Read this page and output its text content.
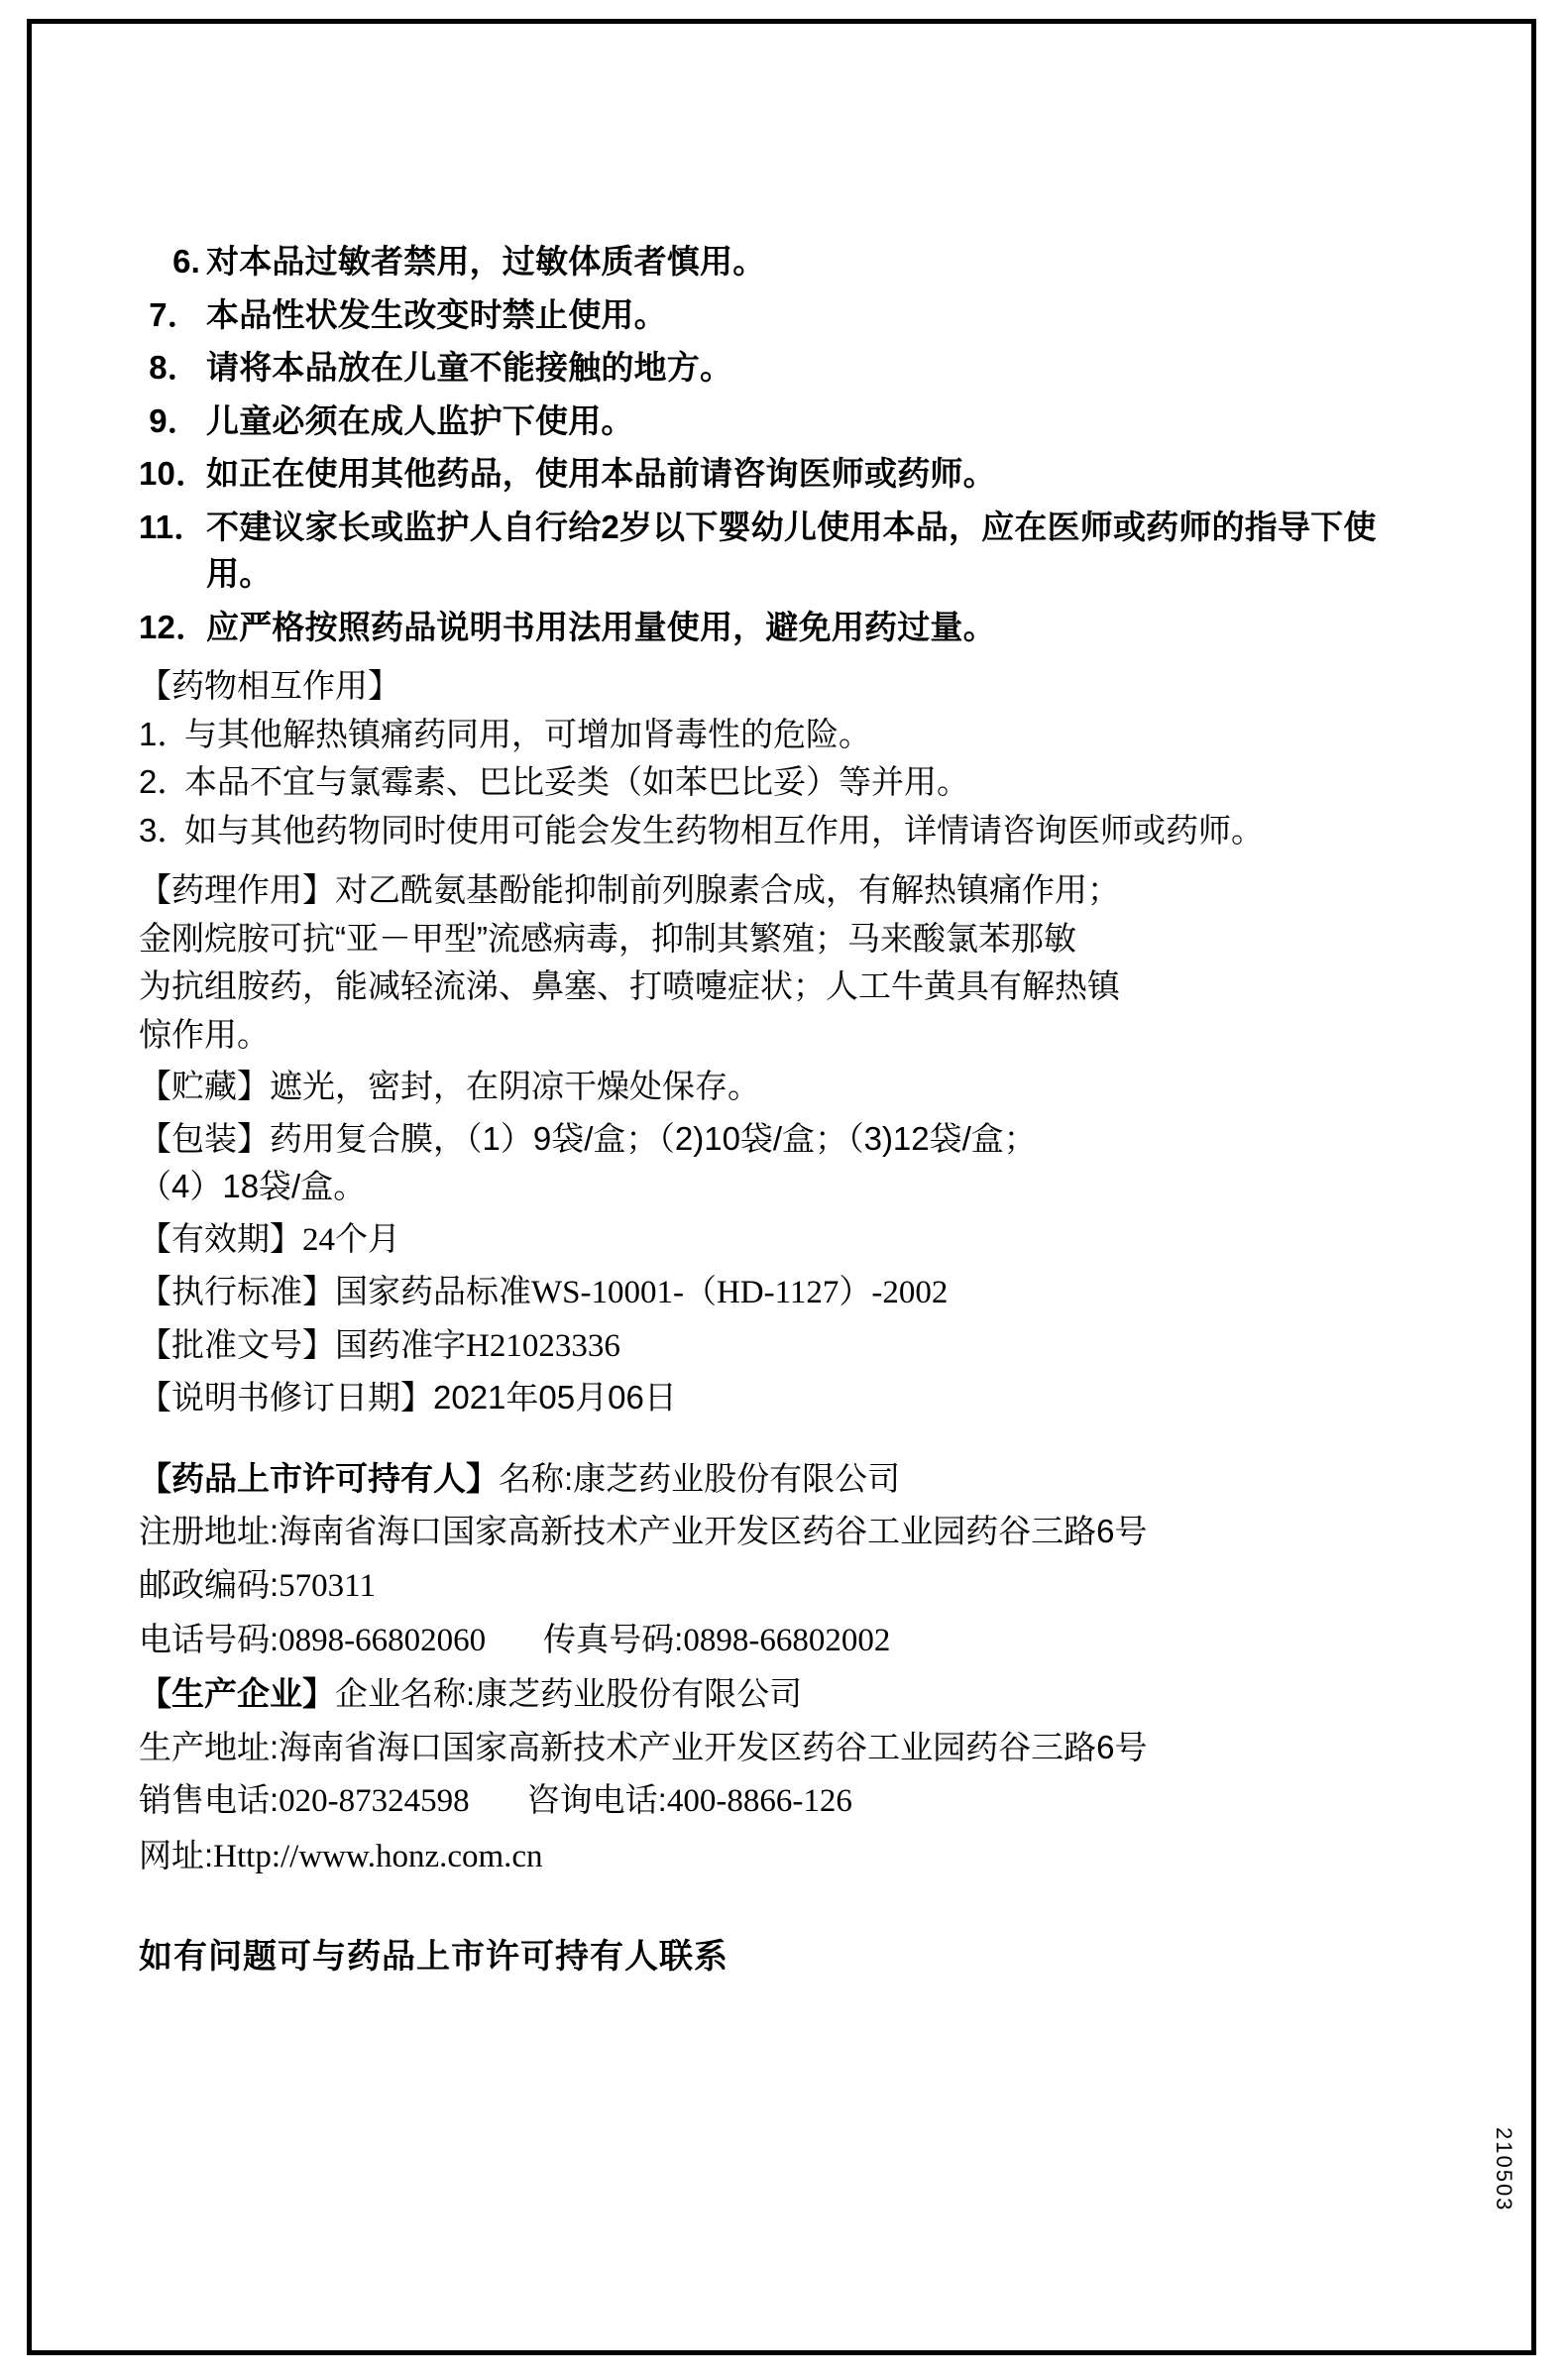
6. 对本品过敏者禁用，过敏体质者慎用。
7． 本品性状发生改变时禁止使用。
8． 请将本品放在儿童不能接触的地方。
9． 儿童必须在成人监护下使用。
10．
如正在使用其他药品，使用本品前请咨询医师或药师。
11． 不建议家长或监护人自行给2岁以下婴幼儿使用本品，应在医师或药师的指导下使用。
12．
应严格按照药品说明书用法用量使用，避免用药过量。

【药物相互作用】

1．
与其他解热镇痛药同用，可增加肾毒性的危险。
2．
本品不宜与氯霉素、巴比妥类（如苯巴比妥）等并用。
3．
如与其他药物同时使用可能会发生药物相互作用，详情请咨询医师或药师。

【药理作用】对乙酰氨基酚能抑制前列腺素合成，有解热镇痛作用；

金刚烷胺可抗“亚－甲型”流感病毒，抑制其繁殖；马来酸氯苯那敏

为抗组胺药，能减轻流涕、鼻塞、打喷嚏症状；人工牛黄具有解热镇

惊作用。

【贮藏】遮光，密封，在阴凉干燥处保存。

【包装】药用复合膜，（1）9袋/盒；（2)10袋/盒；（3)12袋/盒；

（4）18袋/盒。

【有效期】24个月

【执行标准】国家药品标准WS-10001-（HD-1127）-2002

【批准文号】国药准字H21023336

【说明书修订日期】2021年05月06日

【药品上市许可持有人】名称:康芝药业股份有限公司

注册地址:海南省海口国家高新技术产业开发区药谷工业园药谷三路6号

邮政编码:570311

电话号码:0898-66802060 传真号码:0898-66802002

【生产企业】企业名称:康芝药业股份有限公司

生产地址:海南省海口国家高新技术产业开发区药谷工业园药谷三路6号

销售电话:020-87324598 咨询电话:400-8866-126

网址:Http://www.honz.com.cn

如有问题可与药品上市许可持有人联系

210503
